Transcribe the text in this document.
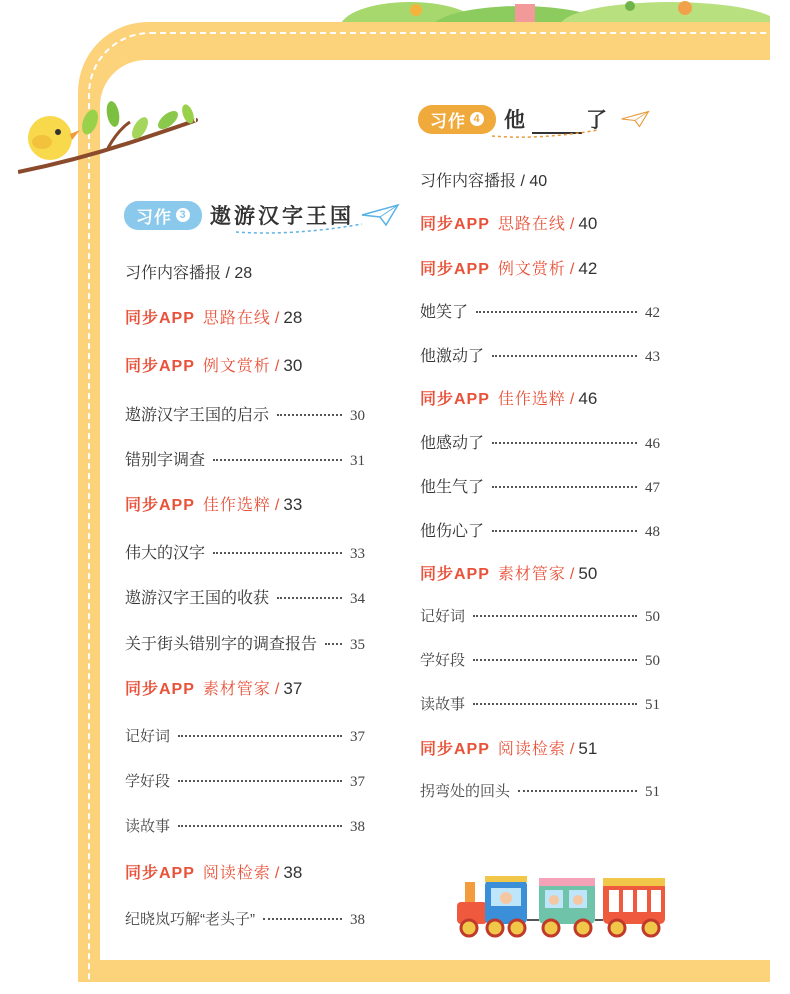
习作 3 遨游汉字王国
习作内容播报 / 28
同步APP 思路在线 / 28
同步APP 例文赏析 / 30
遨游汉字王国的启示	30
错别字调查	31
同步APP 佳作选粹 / 33
伟大的汉字	33
遨游汉字王国的收获	34
关于街头错别字的调查报告 35
同步APP 素材管家 / 37
记好词	37
学好段	37
读故事	38
同步APP 阅读检索 / 38
纪晓岚巧解“老头子”	38
习作 4 他	了
习作内容播报 / 40
同步APP 思路在线 / 40
同步APP 例文赏析 / 42
她笑了	42
他激动了	43
同步APP 佳作选粹 / 46
他感动了	46
他生气了	47
他伤心了	48
同步APP 素材管家 / 50
记好词	50
学好段	50
读故事	51
同步APP 阅读检索 / 51
拐弯处的回头	51
